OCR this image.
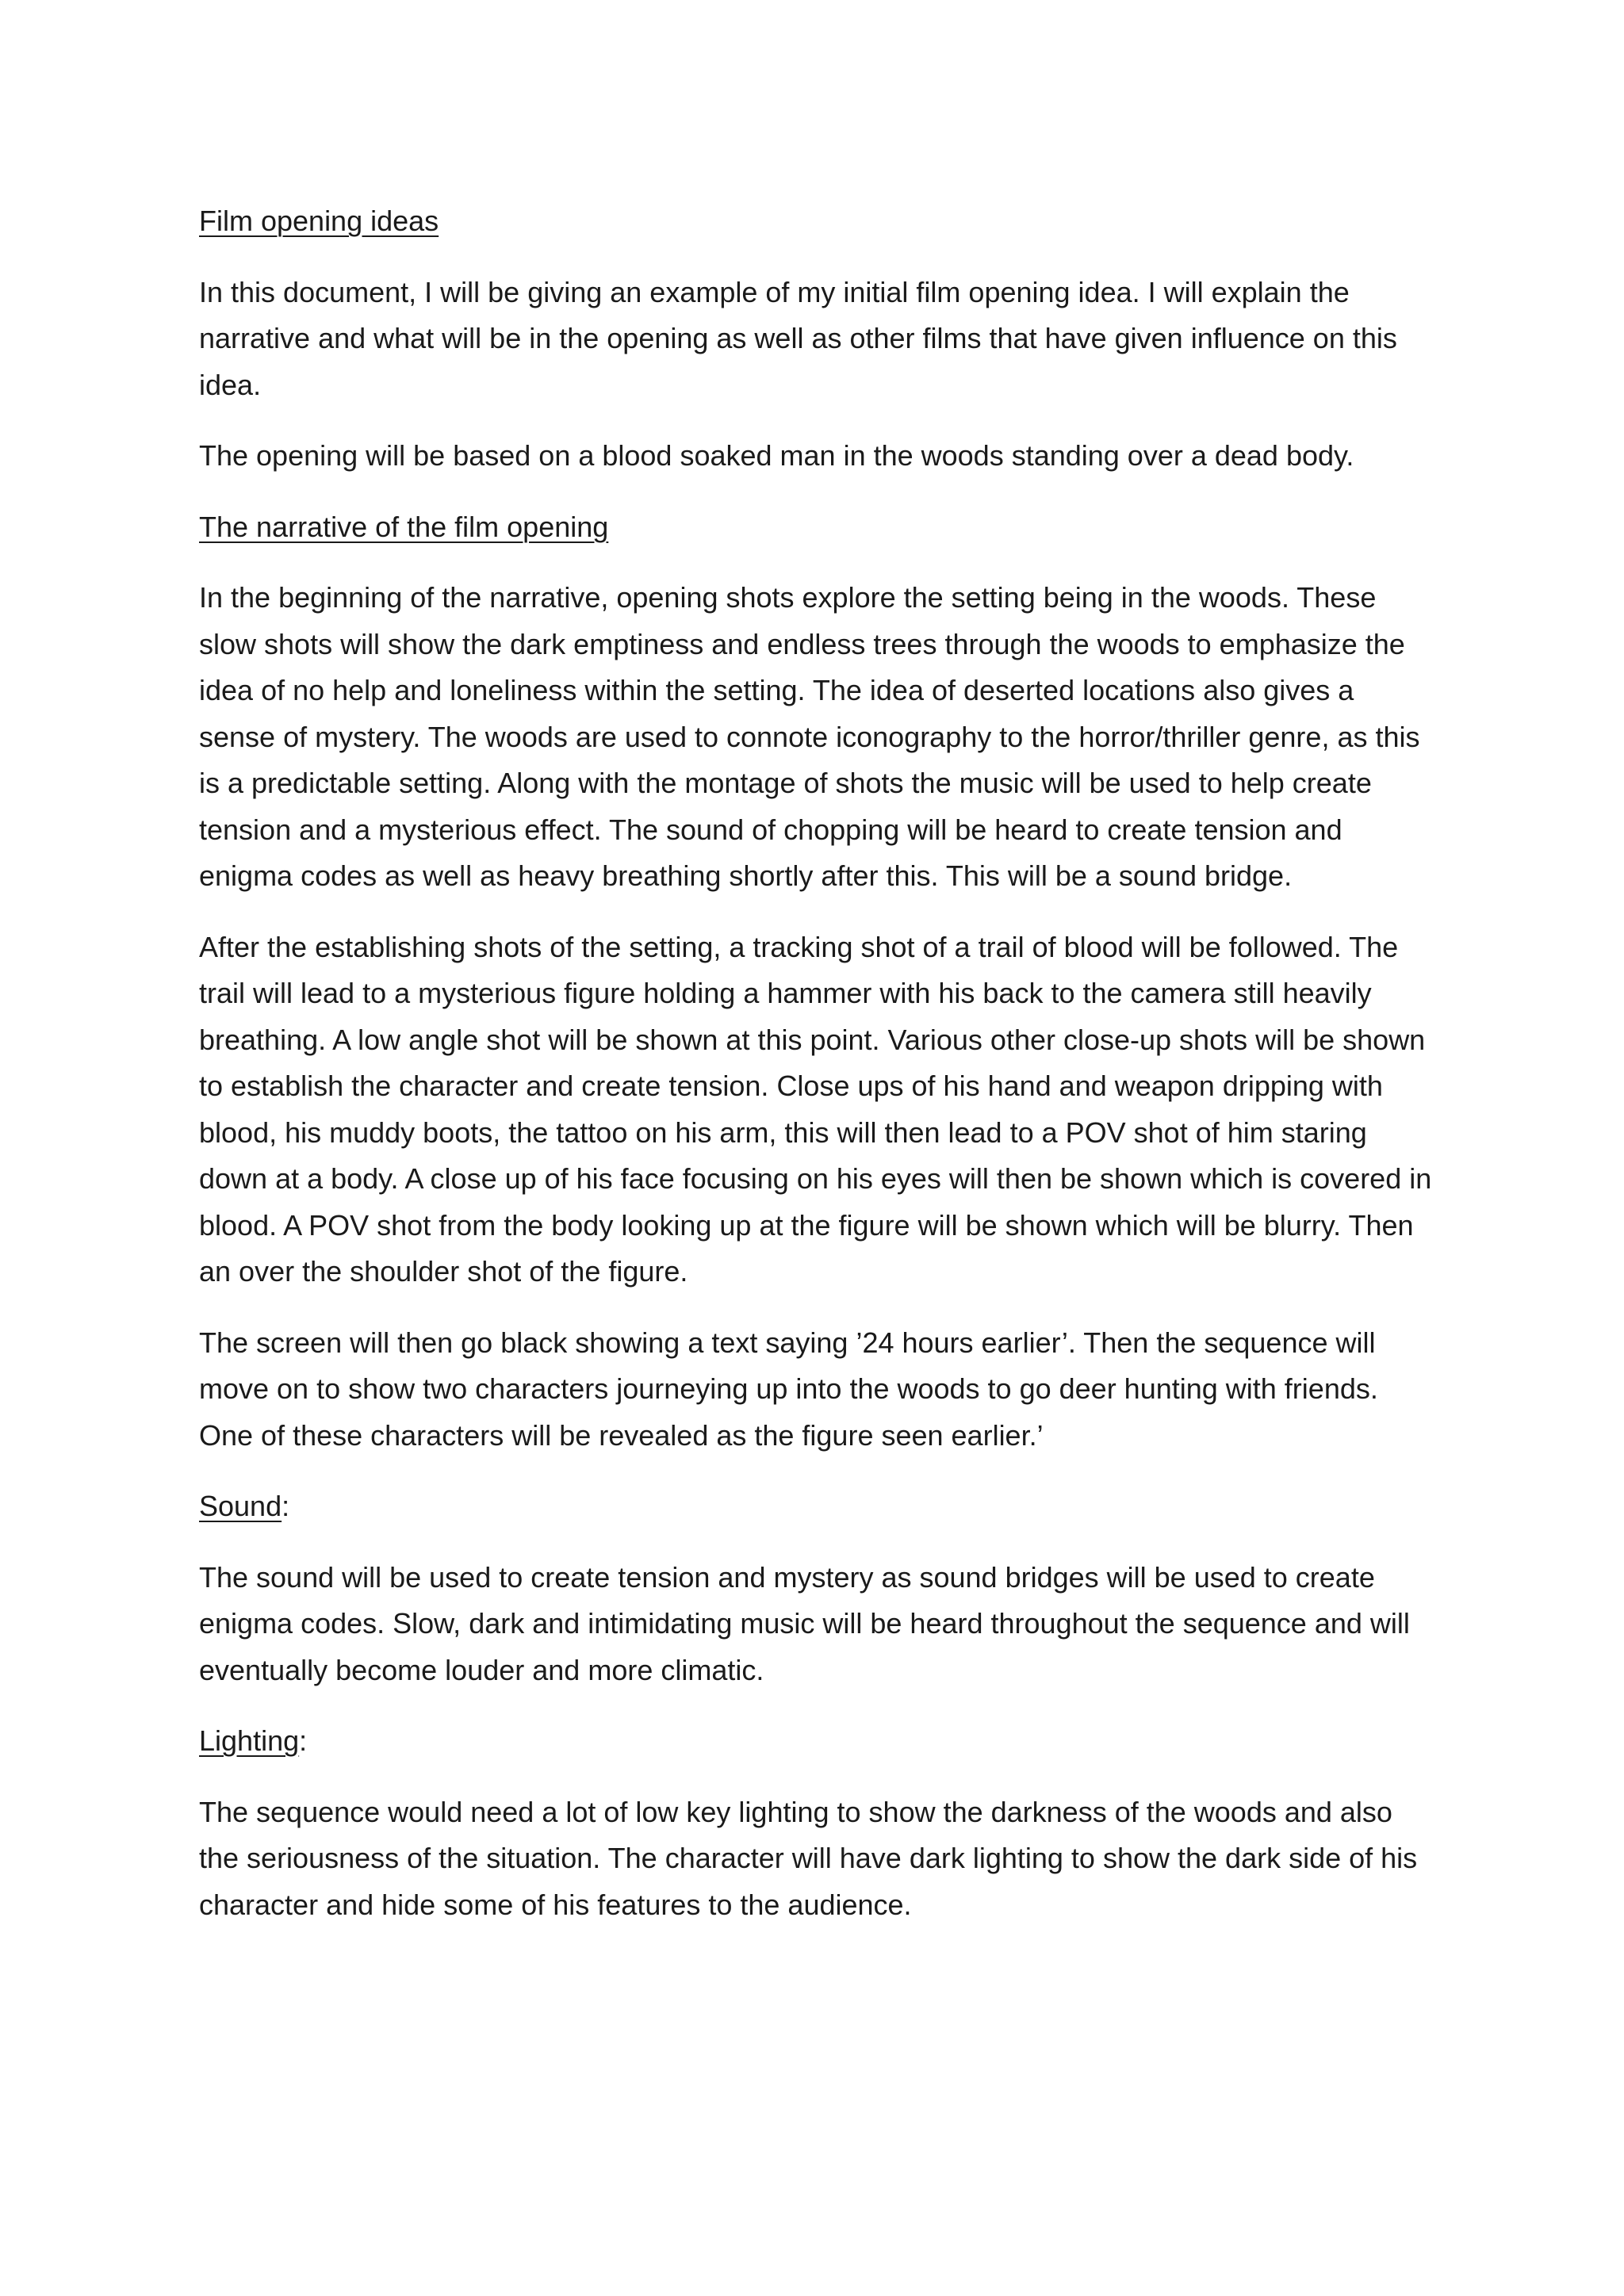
Film opening ideas

In this document, I will be giving an example of my initial film opening idea. I will explain the narrative and what will be in the opening as well as other films that have given influence on this idea.

The opening will be based on a blood soaked man in the woods standing over a dead body.

The narrative of the film opening

In the beginning of the narrative, opening shots explore the setting being in the woods. These slow shots will show the dark emptiness and endless trees through the woods to emphasize the idea of no help and loneliness within the setting. The idea of deserted locations also gives a sense of mystery. The woods are used to connote iconography to the horror/thriller genre, as this is a predictable setting. Along with the montage of shots the music will be used to help create tension and a mysterious effect. The sound of chopping will be heard to create tension and enigma codes as well as heavy breathing shortly after this. This will be a sound bridge.

After the establishing shots of the setting, a tracking shot of a trail of blood will be followed. The trail will lead to a mysterious figure holding a hammer with his back to the camera still heavily breathing. A low angle shot will be shown at this point. Various other close-up shots will be shown to establish the character and create tension. Close ups of his hand and weapon dripping with blood, his muddy boots, the tattoo on his arm, this will then lead to a POV shot of him staring down at a body. A close up of his face focusing on his eyes will then be shown which is covered in blood. A POV shot from the body looking up at the figure will be shown which will be blurry. Then an over the shoulder shot of the figure.

The screen will then go black showing a text saying ’24 hours earlier’. Then the sequence will move on to show two characters journeying up into the woods to go deer hunting with friends. One of these characters will be revealed as the figure seen earlier.’

Sound:

The sound will be used to create tension and mystery as sound bridges will be used to create enigma codes. Slow, dark and intimidating music will be heard throughout the sequence and will eventually become louder and more climatic.

Lighting:

The sequence would need a lot of low key lighting to show the darkness of the woods and also the seriousness of the situation. The character will have dark lighting to show the dark side of his character and hide some of his features to the audience.
